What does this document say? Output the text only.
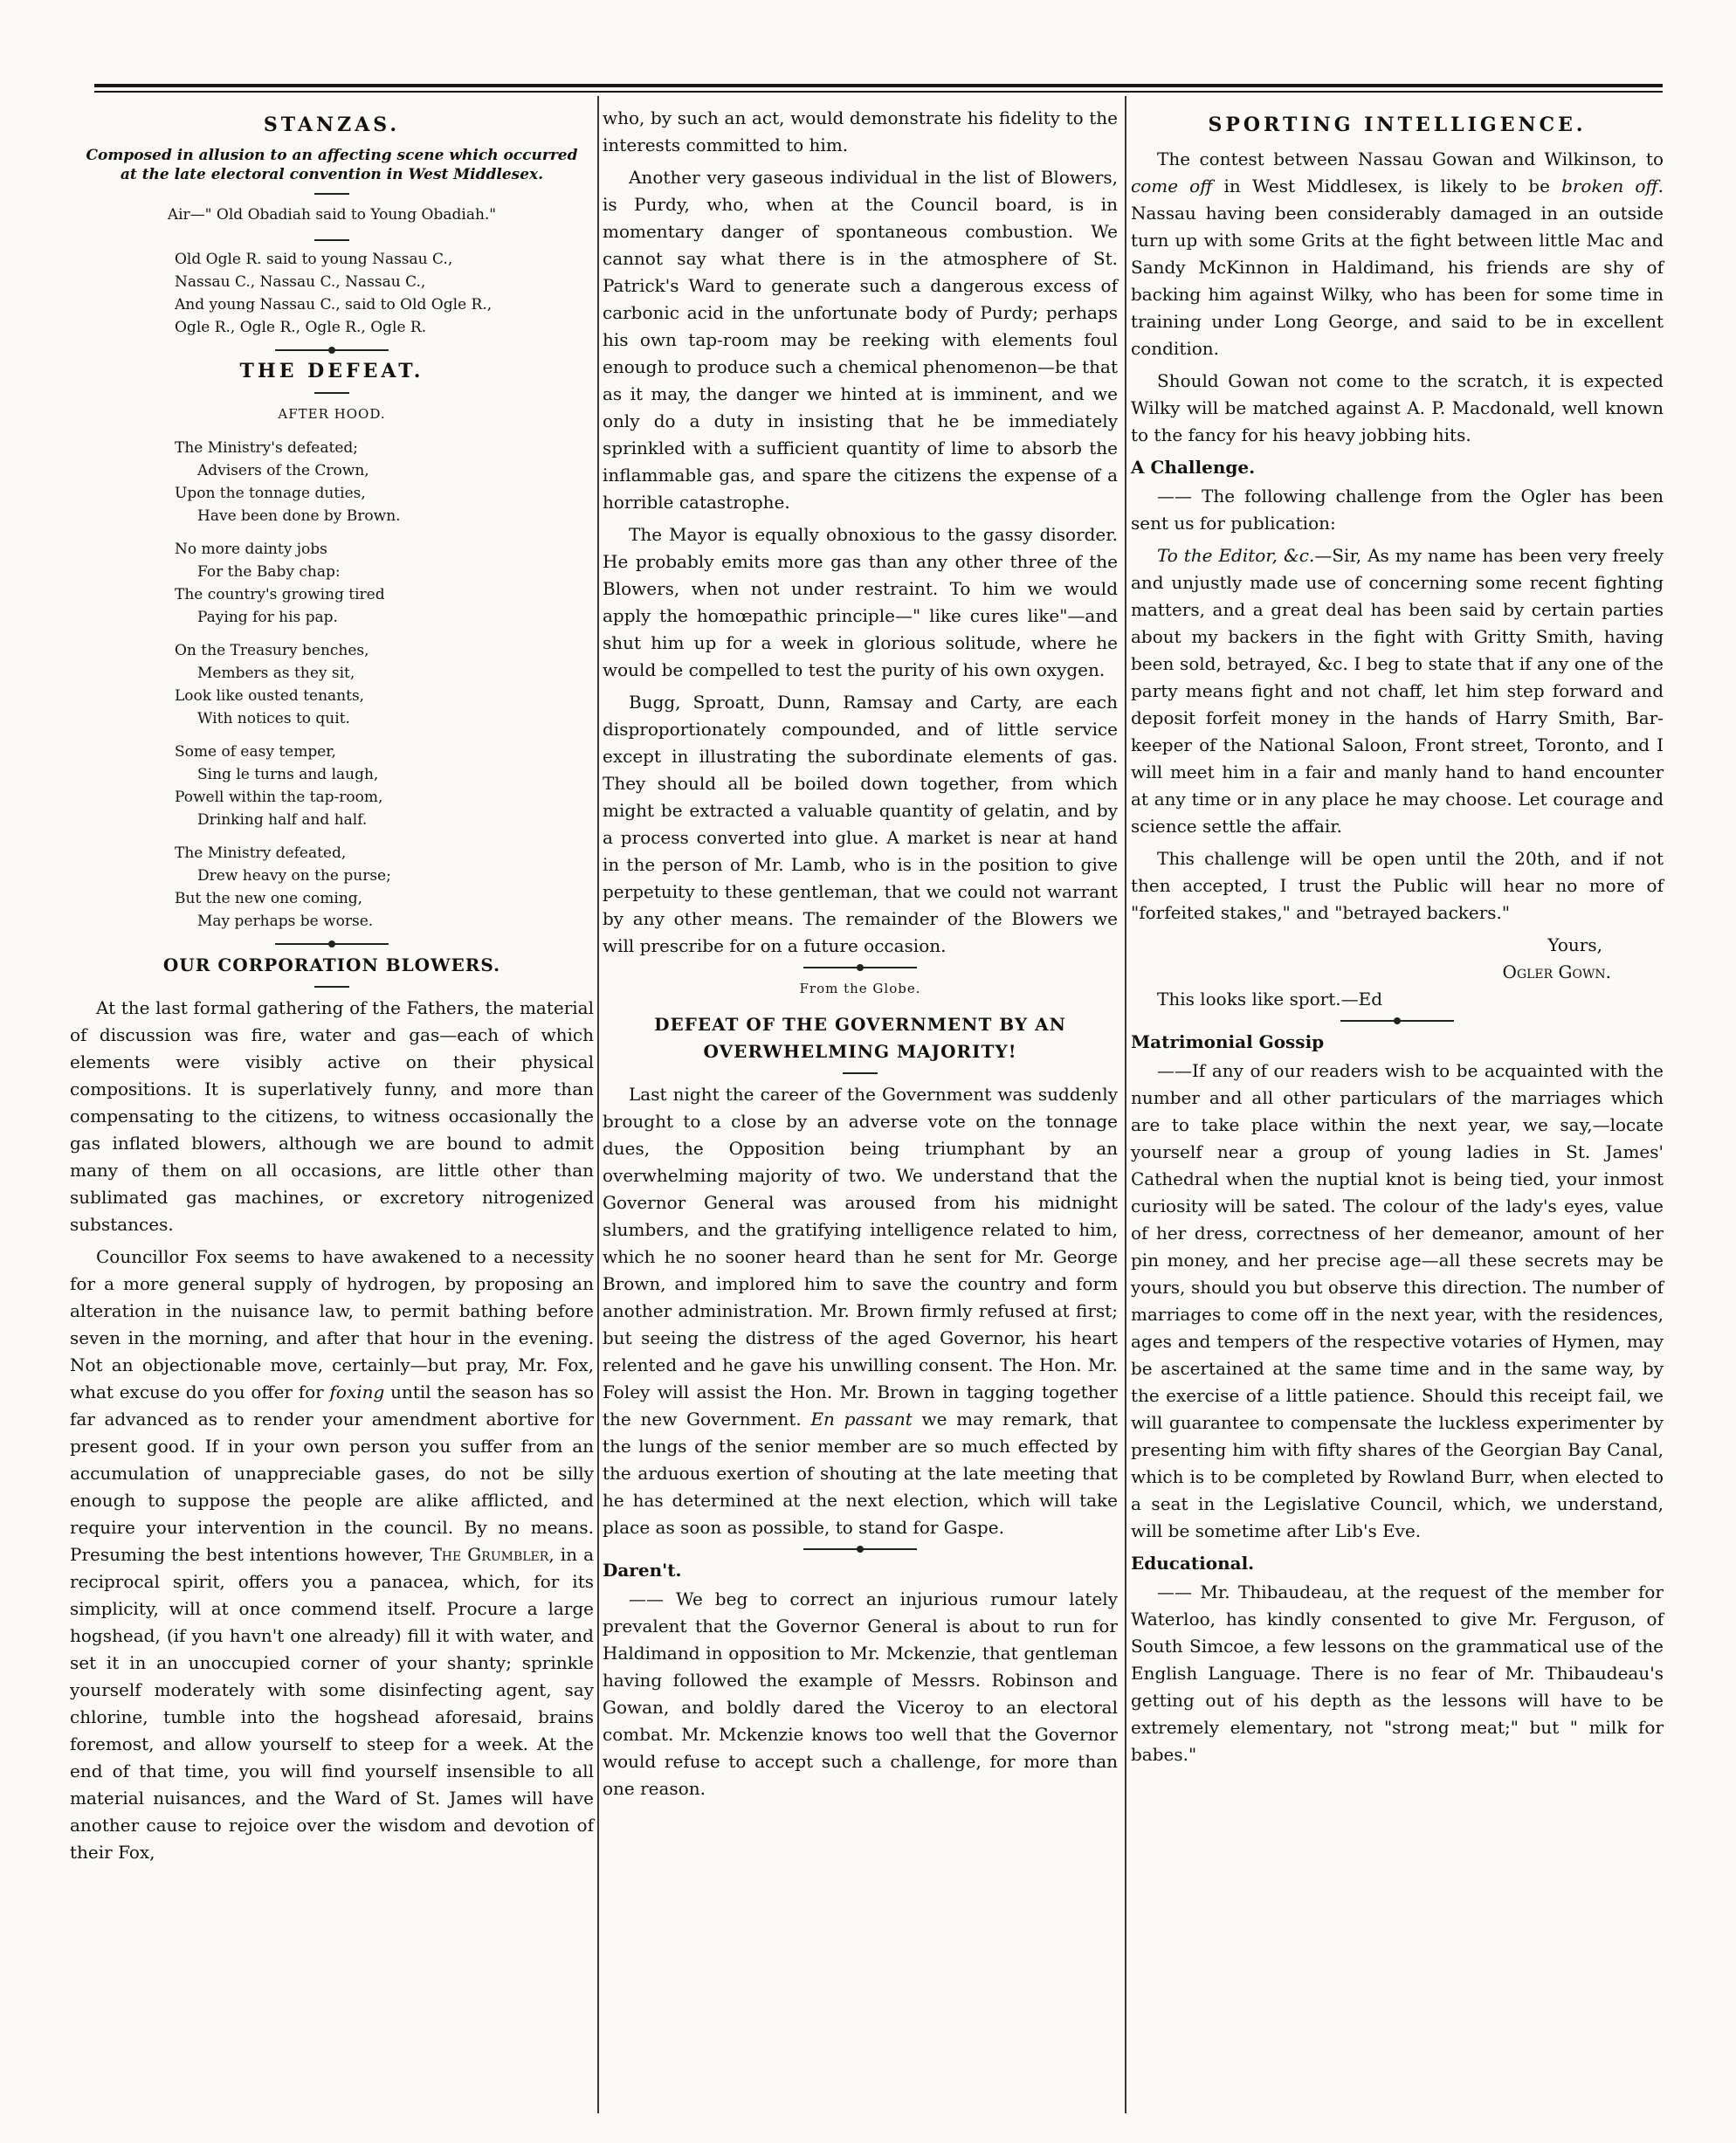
STANZAS.
Composed in allusion to an affecting scene which occurred at the late electoral convention in West Middlesex.
Air—" Old Obadiah said to Young Obadiah."
Old Ogle R. said to young Nassau C.,
Nassau C., Nassau C., Nassau C.,
And young Nassau C., said to Old Ogle R.,
Ogle R., Ogle R., Ogle R., Ogle R.
THE DEFEAT.
AFTER HOOD.
The Ministry's defeated;
Advisers of the Crown,
Upon the tonnage duties,
Have been done by Brown.
No more dainty jobs
For the Baby chap:
The country's growing tired
Paying for his pap.
On the Treasury benches,
Members as they sit,
Look like ousted tenants,
With notices to quit.
Some of easy temper,
Sing le turns and laugh,
Powell within the tap-room,
Drinking half and half.
The Ministry defeated,
Drew heavy on the purse;
But the new one coming,
May perhaps be worse.
OUR CORPORATION BLOWERS.

At the last formal gathering of the Fathers, the material of discussion was fire, water and gas—each of which elements were visibly active on their physical compositions. It is superlatively funny, and more than compensating to the citizens, to witness occasionally the gas inflated blowers, although we are bound to admit many of them on all occasions, are little other than sublimated gas machines, or excretory nitrogenized substances.

Councillor Fox seems to have awakened to a necessity for a more general supply of hydrogen, by proposing an alteration in the nuisance law, to permit bathing before seven in the morning, and after that hour in the evening. Not an objectionable move, certainly—but pray, Mr. Fox, what excuse do you offer for foxing until the season has so far advanced as to render your amendment abortive for present good. If in your own person you suffer from an accumulation of unappreciable gases, do not be silly enough to suppose the people are alike afflicted, and require your intervention in the council. By no means. Presuming the best intentions however, The Grumbler, in a reciprocal spirit, offers you a panacea, which, for its simplicity, will at once commend itself. Procure a large hogshead, (if you havn't one already) fill it with water, and set it in an unoccupied corner of your shanty; sprinkle yourself moderately with some disinfecting agent, say chlorine, tumble into the hogshead aforesaid, brains foremost, and allow yourself to steep for a week. At the end of that time, you will find yourself insensible to all material nuisances, and the Ward of St. James will have another cause to rejoice over the wisdom and devotion of their Fox,

who, by such an act, would demonstrate his fidelity to the interests committed to him.

Another very gaseous individual in the list of Blowers, is Purdy, who, when at the Council board, is in momentary danger of spontaneous combustion. We cannot say what there is in the atmosphere of St. Patrick's Ward to generate such a dangerous excess of carbonic acid in the unfortunate body of Purdy; perhaps his own tap-room may be reeking with elements foul enough to produce such a chemical phenomenon—be that as it may, the danger we hinted at is imminent, and we only do a duty in insisting that he be immediately sprinkled with a sufficient quantity of lime to absorb the inflammable gas, and spare the citizens the expense of a horrible catastrophe.

The Mayor is equally obnoxious to the gassy disorder. He probably emits more gas than any other three of the Blowers, when not under restraint. To him we would apply the homœpathic principle—" like cures like"—and shut him up for a week in glorious solitude, where he would be compelled to test the purity of his own oxygen.

Bugg, Sproatt, Dunn, Ramsay and Carty, are each disproportionately compounded, and of little service except in illustrating the subordinate elements of gas. They should all be boiled down together, from which might be extracted a valuable quantity of gelatin, and by a process converted into glue. A market is near at hand in the person of Mr. Lamb, who is in the position to give perpetuity to these gentleman, that we could not warrant by any other means. The remainder of the Blowers we will prescribe for on a future occasion.

From the Globe.
DEFEAT OF THE GOVERNMENT BY AN OVERWHELMING MAJORITY!

Last night the career of the Government was suddenly brought to a close by an adverse vote on the tonnage dues, the Opposition being triumphant by an overwhelming majority of two. We understand that the Governor General was aroused from his midnight slumbers, and the gratifying intelligence related to him, which he no sooner heard than he sent for Mr. George Brown, and implored him to save the country and form another administration. Mr. Brown firmly refused at first; but seeing the distress of the aged Governor, his heart relented and he gave his unwilling consent. The Hon. Mr. Foley will assist the Hon. Mr. Brown in tagging together the new Government. En passant we may remark, that the lungs of the senior member are so much effected by the arduous exertion of shouting at the late meeting that he has determined at the next election, which will take place as soon as possible, to stand for Gaspe.

Daren't.

—— We beg to correct an injurious rumour lately prevalent that the Governor General is about to run for Haldimand in opposition to Mr. Mckenzie, that gentleman having followed the example of Messrs. Robinson and Gowan, and boldly dared the Viceroy to an electoral combat. Mr. Mckenzie knows too well that the Governor would refuse to accept such a challenge, for more than one reason.

SPORTING INTELLIGENCE.

The contest between Nassau Gowan and Wilkinson, to come off in West Middlesex, is likely to be broken off. Nassau having been considerably damaged in an outside turn up with some Grits at the fight between little Mac and Sandy McKinnon in Haldimand, his friends are shy of backing him against Wilky, who has been for some time in training under Long George, and said to be in excellent condition.

Should Gowan not come to the scratch, it is expected Wilky will be matched against A. P. Macdonald, well known to the fancy for his heavy jobbing hits.

A Challenge.

—— The following challenge from the Ogler has been sent us for publication:

To the Editor, &c.—Sir, As my name has been very freely and unjustly made use of concerning some recent fighting matters, and a great deal has been said by certain parties about my backers in the fight with Gritty Smith, having been sold, betrayed, &c. I beg to state that if any one of the party means fight and not chaff, let him step forward and deposit forfeit money in the hands of Harry Smith, Bar-keeper of the National Saloon, Front street, Toronto, and I will meet him in a fair and manly hand to hand encounter at any time or in any place he may choose. Let courage and science settle the affair.

This challenge will be open until the 20th, and if not then accepted, I trust the Public will hear no more of "forfeited stakes," and "betrayed backers."

Yours,
Ogler Gown.
This looks like sport.—Ed
Matrimonial Gossip

——If any of our readers wish to be acquainted with the number and all other particulars of the marriages which are to take place within the next year, we say,—locate yourself near a group of young ladies in St. James' Cathedral when the nuptial knot is being tied, your inmost curiosity will be sated. The colour of the lady's eyes, value of her dress, correctness of her demeanor, amount of her pin money, and her precise age—all these secrets may be yours, should you but observe this direction. The number of marriages to come off in the next year, with the residences, ages and tempers of the respective votaries of Hymen, may be ascertained at the same time and in the same way, by the exercise of a little patience. Should this receipt fail, we will guarantee to compensate the luckless experimenter by presenting him with fifty shares of the Georgian Bay Canal, which is to be completed by Rowland Burr, when elected to a seat in the Legislative Council, which, we understand, will be sometime after Lib's Eve.

Educational.

—— Mr. Thibaudeau, at the request of the member for Waterloo, has kindly consented to give Mr. Ferguson, of South Simcoe, a few lessons on the grammatical use of the English Language. There is no fear of Mr. Thibaudeau's getting out of his depth as the lessons will have to be extremely elementary, not "strong meat;" but " milk for babes."
